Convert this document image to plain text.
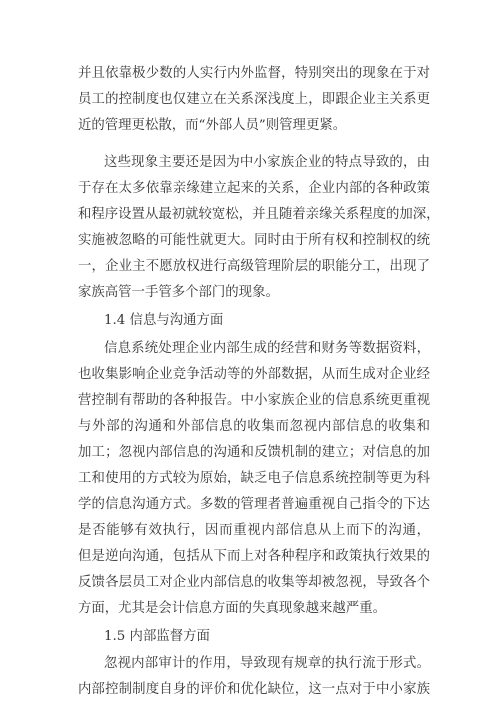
并且依靠极少数的人实行内外监督，特别突出的现象在于对
员工的控制度也仅建立在关系深浅度上，即跟企业主关系更
近的管理更松散，而“外部人员”则管理更紧。
这些现象主要还是因为中小家族企业的特点导致的，由
于存在太多依靠亲缘建立起来的关系，企业内部的各种政策
和程序设置从最初就较宽松，并且随着亲缘关系程度的加深，
实施被忽略的可能性就更大。同时由于所有权和控制权的统
一，企业主不愿放权进行高级管理阶层的职能分工，出现了
家族高管一手管多个部门的现象。
1.4 信息与沟通方面
信息系统处理企业内部生成的经营和财务等数据资料，
也收集影响企业竞争活动等的外部数据，从而生成对企业经
营控制有帮助的各种报告。中小家族企业的信息系统更重视
与外部的沟通和外部信息的收集而忽视内部信息的收集和
加工；忽视内部信息的沟通和反馈机制的建立；对信息的加
工和使用的方式较为原始，缺乏电子信息系统控制等更为科
学的信息沟通方式。多数的管理者普遍重视自己指令的下达
是否能够有效执行，因而重视内部信息从上而下的沟通，
但是逆向沟通，包括从下而上对各种程序和政策执行效果的
反馈各层员工对企业内部信息的收集等却被忽视，导致各个
方面，尤其是会计信息方面的失真现象越来越严重。
1.5 内部监督方面
忽视内部审计的作用，导致现有规章的执行流于形式。
内部控制制度自身的评价和优化缺位，这一点对于中小家族
